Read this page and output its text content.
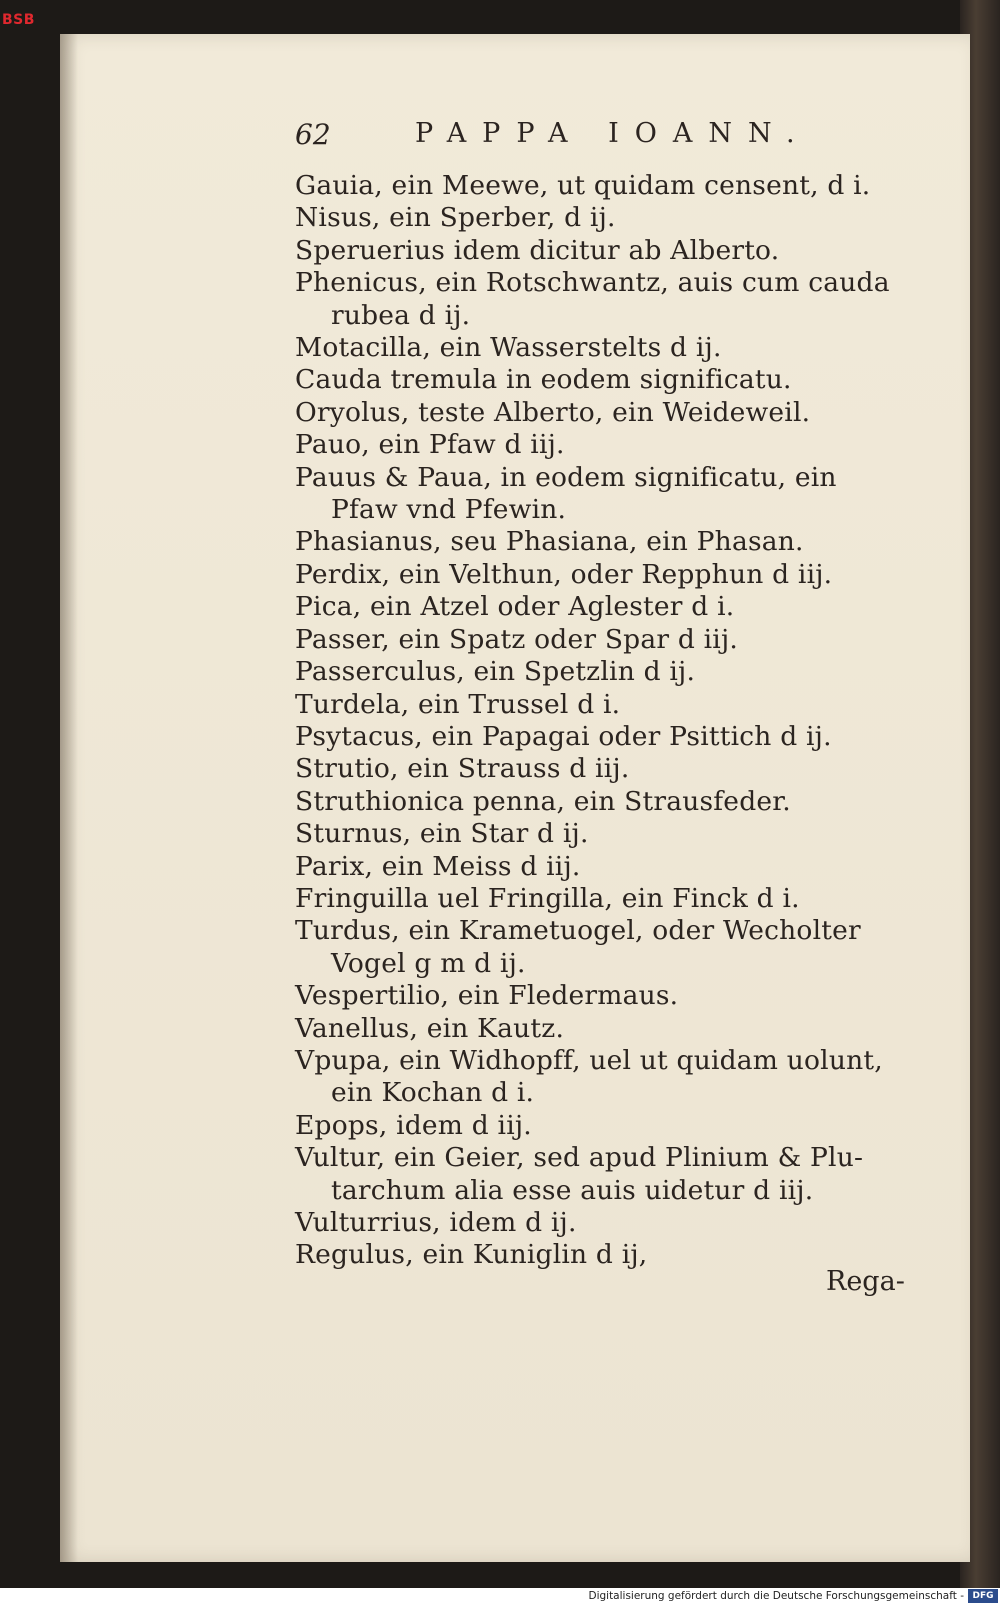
BSB
62	PAPPA IOANN.
Gauia, ein Meewe, ut quidam censent, d i.
Nisus, ein Sperber, d ij.
Speruerius idem dicitur ab Alberto.
Phenicus, ein Rotschwantz, auis cum cauda
rubea d ij.
Motacilla, ein Wasserstelts d ij.
Cauda tremula in eodem significatu.
Oryolus, teste Alberto, ein Weideweil.
Pauo, ein Pfaw d iij.
Pauus & Paua, in eodem significatu, ein
Pfaw vnd Pfewin.
Phasianus, seu Phasiana, ein Phasan.
Perdix, ein Velthun, oder Repphun d iij.
Pica, ein Atzel oder Aglester d i.
Passer, ein Spatz oder Spar d iij.
Passerculus, ein Spetzlin d ij.
Turdela, ein Trussel d i.
Psytacus, ein Papagai oder Psittich d ij.
Strutio, ein Strauss d iij.
Struthionica penna, ein Strausfeder.
Sturnus, ein Star d ij.
Parix, ein Meiss d iij.
Fringuilla uel Fringilla, ein Finck d i.
Turdus, ein Krametuogel, oder Wecholter
Vogel g m d ij.
Vespertilio, ein Fledermaus.
Vanellus, ein Kautz.
Vpupa, ein Widhopff, uel ut quidam uolunt,
ein Kochan d i.
Epops, idem d iij.
Vultur, ein Geier, sed apud Plinium & Plu-
tarchum alia esse auis uidetur d iij.
Vulturrius, idem d ij.
Regulus, ein Kuniglin d ij,
Rega-
Digitalisierung gefördert durch die Deutsche Forschungsgemeinschaft - DFG
